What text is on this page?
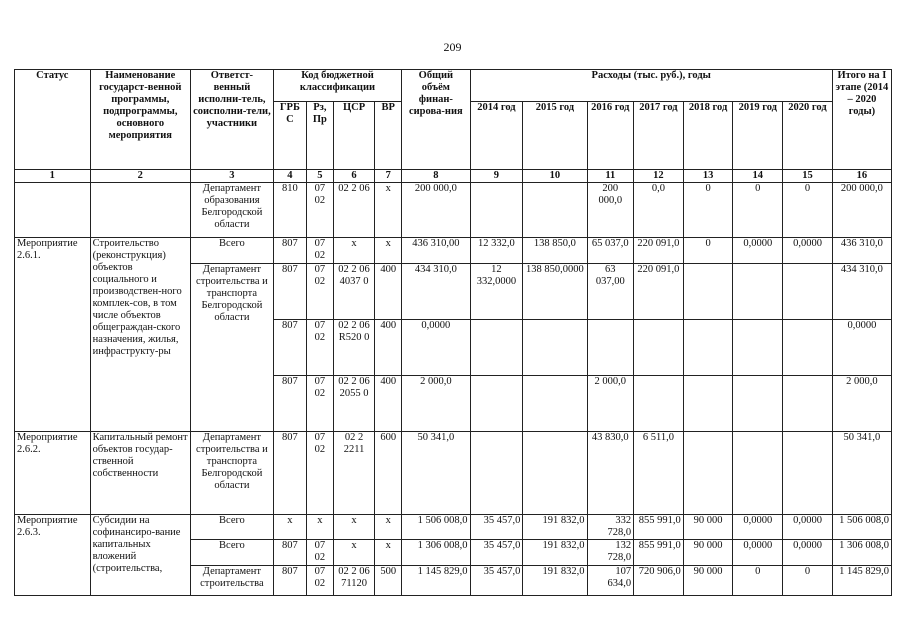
209
Статус	Наименование государст-венной программы, подпрограммы, основного мероприятия	Ответст-венный исполни-тель, соисполни-тели, участники	Код бюджетной классификации				Общий объём финан-сирова-ния	Расходы (тыс. руб.), годы							Итого на I этапе (2014 – 2020 годы)
			ГРБ С	Рз, Пр	ЦСР	ВР		2014 год	2015 год	2016 год	2017 год	2018 год	2019 год	2020 год	
1	2	3	4	5	6	7	8	9	10	11	12	13	14	15	16
		Департамент образования Белгородской области	810	07 02	02 2 06	х	200 000,0			200 000,0	0,0	0	0	0	200 000,0
Мероприятие 2.6.1.	Строительство (реконструкция) объектов социального и производствен-ного комплек-сов, в том числе объектов общеграждан-ского назначения, жилья, инфраструкту-ры	Всего	807	07 02	х	х	436 310,00	12 332,0	138 850,0	65 037,0	220 091,0	0	0,0000	0,0000	436 310,0
		Департамент строительства и транспорта Белгородской области	807	07 02	02 2 06 4037 0	400	434 310,0	12 332,0000	138 850,0000	63 037,00	220 091,0				434 310,0
			807	07 02	02 2 06 R520 0	400	0,0000								0,0000
			807	07 02	02 2 06 2055 0	400	2 000,0			2 000,0					2 000,0
Мероприятие 2.6.2.	Капитальный ремонт объектов государ-ственной собственности	Департамент строительства и транспорта Белгородской области	807	07 02	02 2 2211	600	50 341,0			43 830,0	6 511,0				50 341,0
Мероприятие 2.6.3.	Субсидии на софинансиро-вание капитальных вложений (строительства,	Всего	х	х	х	х	1 506 008,0	35 457,0	191 832,0	332 728,0	855 991,0	90 000	0,0000	0,0000	1 506 008,0
		Всего	807	07 02	х	х	1 306 008,0	35 457,0	191 832,0	132 728,0	855 991,0	90 000	0,0000	0,0000	1 306 008,0
		Департамент строительства	807	07 02	02 2 06 71120	500	1 145 829,0	35 457,0	191 832,0	107 634,0	720 906,0	90 000	0	0	1 145 829,0
